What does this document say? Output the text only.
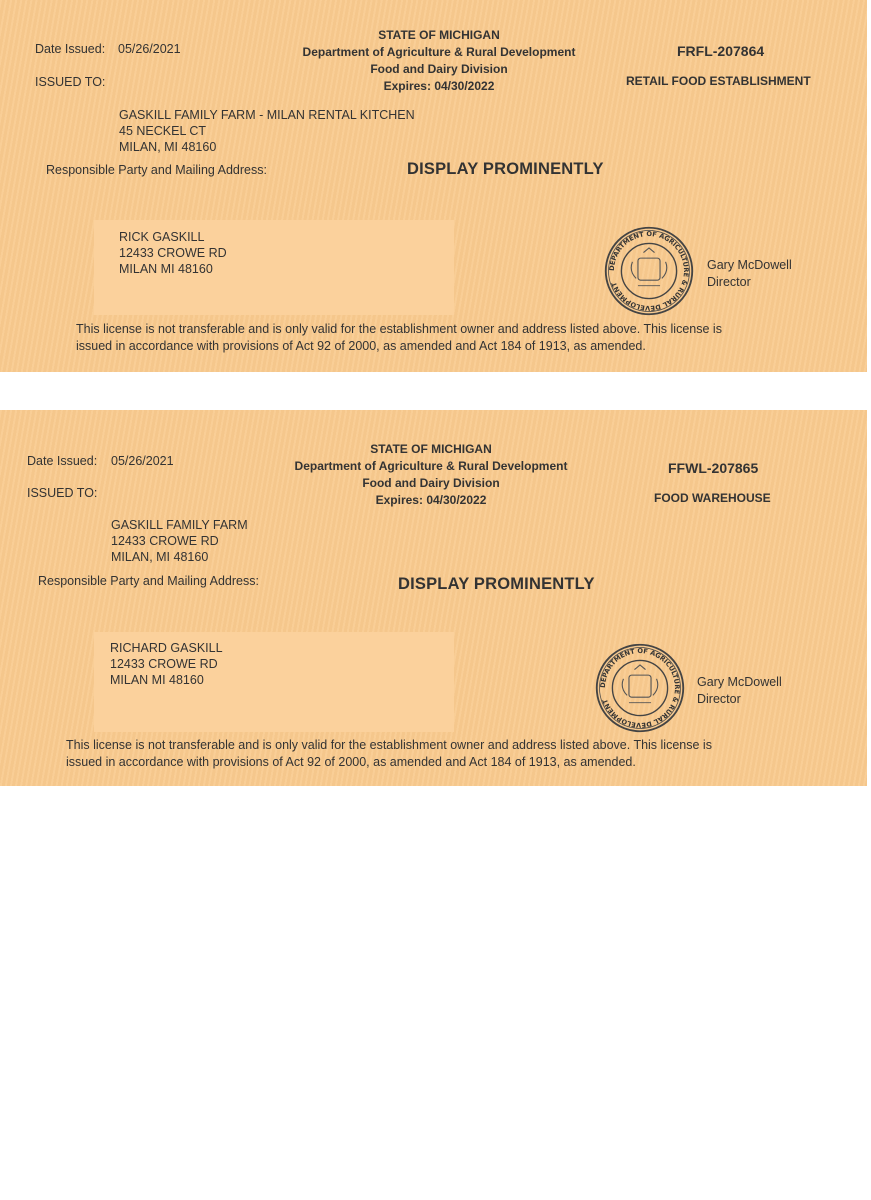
Date Issued: 05/26/2021
STATE OF MICHIGAN
Department of Agriculture & Rural Development
Food and Dairy Division
Expires: 04/30/2022
FRFL-207864
RETAIL FOOD ESTABLISHMENT
ISSUED TO:
GASKILL FAMILY FARM - MILAN RENTAL KITCHEN
45 NECKEL CT
MILAN, MI 48160
Responsible Party and Mailing Address:	DISPLAY PROMINENTLY
RICK GASKILL
12433 CROWE RD
MILAN MI 48160	DEPARTMENT OF AGRICULTURE & RURAL DEVELOPMENT
Gary McDowell
Director
This license is not transferable and is only valid for the establishment owner and address listed above. This license is
issued in accordance with provisions of Act 92 of 2000, as amended and Act 184 of 1913, as amended.
Date Issued: 05/26/2021
STATE OF MICHIGAN
Department of Agriculture & Rural Development
Food and Dairy Division
Expires: 04/30/2022
FFWL-207865
FOOD WAREHOUSE
ISSUED TO:
GASKILL FAMILY FARM
12433 CROWE RD
MILAN, MI 48160
Responsible Party and Mailing Address:	DISPLAY PROMINENTLY
RICHARD GASKILL
12433 CROWE RD
MILAN MI 48160	DEPARTMENT OF AGRICULTURE & RURAL DEVELOPMENT
Gary McDowell
Director
This license is not transferable and is only valid for the establishment owner and address listed above. This license is
issued in accordance with provisions of Act 92 of 2000, as amended and Act 184 of 1913, as amended.
